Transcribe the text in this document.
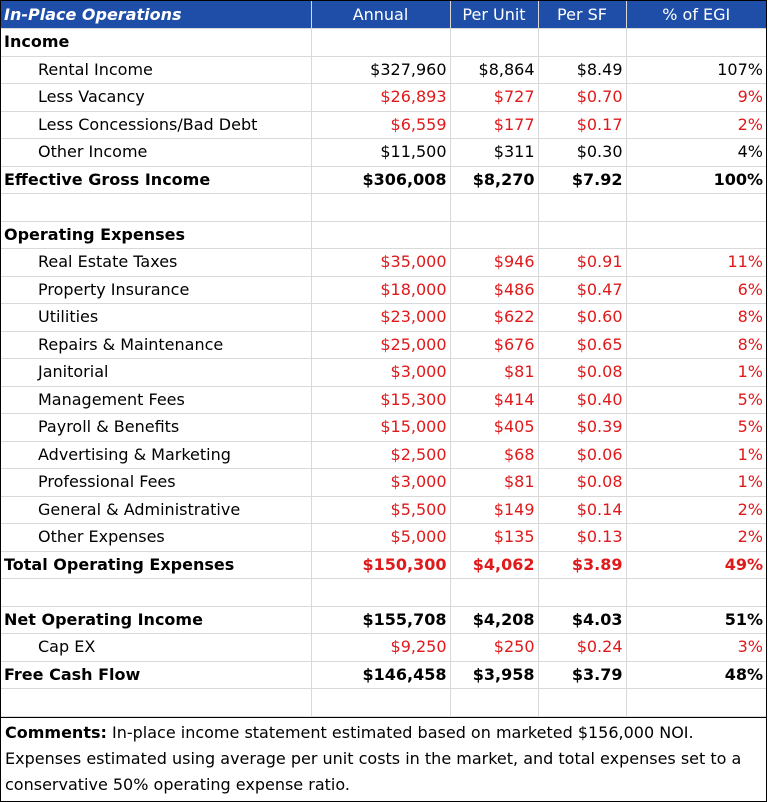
In-Place Operations	Annual	Per Unit	Per SF	% of EGI
Income				
Rental Income	$327,960	$8,864	$8.49	107%
Less Vacancy	$26,893	$727	$0.70	9%
Less Concessions/Bad Debt	$6,559	$177	$0.17	2%
Other Income	$11,500	$311	$0.30	4%
Effective Gross Income	$306,008	$8,270	$7.92	100%

Operating Expenses				
Real Estate Taxes	$35,000	$946	$0.91	11%
Property Insurance	$18,000	$486	$0.47	6%
Utilities	$23,000	$622	$0.60	8%
Repairs & Maintenance	$25,000	$676	$0.65	8%
Janitorial	$3,000	$81	$0.08	1%
Management Fees	$15,300	$414	$0.40	5%
Payroll & Benefits	$15,000	$405	$0.39	5%
Advertising & Marketing	$2,500	$68	$0.06	1%
Professional Fees	$3,000	$81	$0.08	1%
General & Administrative	$5,500	$149	$0.14	2%
Other Expenses	$5,000	$135	$0.13	2%
Total Operating Expenses	$150,300	$4,062	$3.89	49%

Net Operating Income	$155,708	$4,208	$4.03	51%
Cap EX	$9,250	$250	$0.24	3%
Free Cash Flow	$146,458	$3,958	$3.79	48%

Comments: In-place income statement estimated based on marketed $156,000 NOI. Expenses estimated using average per unit costs in the market, and total expenses set to a conservative 50% operating expense ratio.
